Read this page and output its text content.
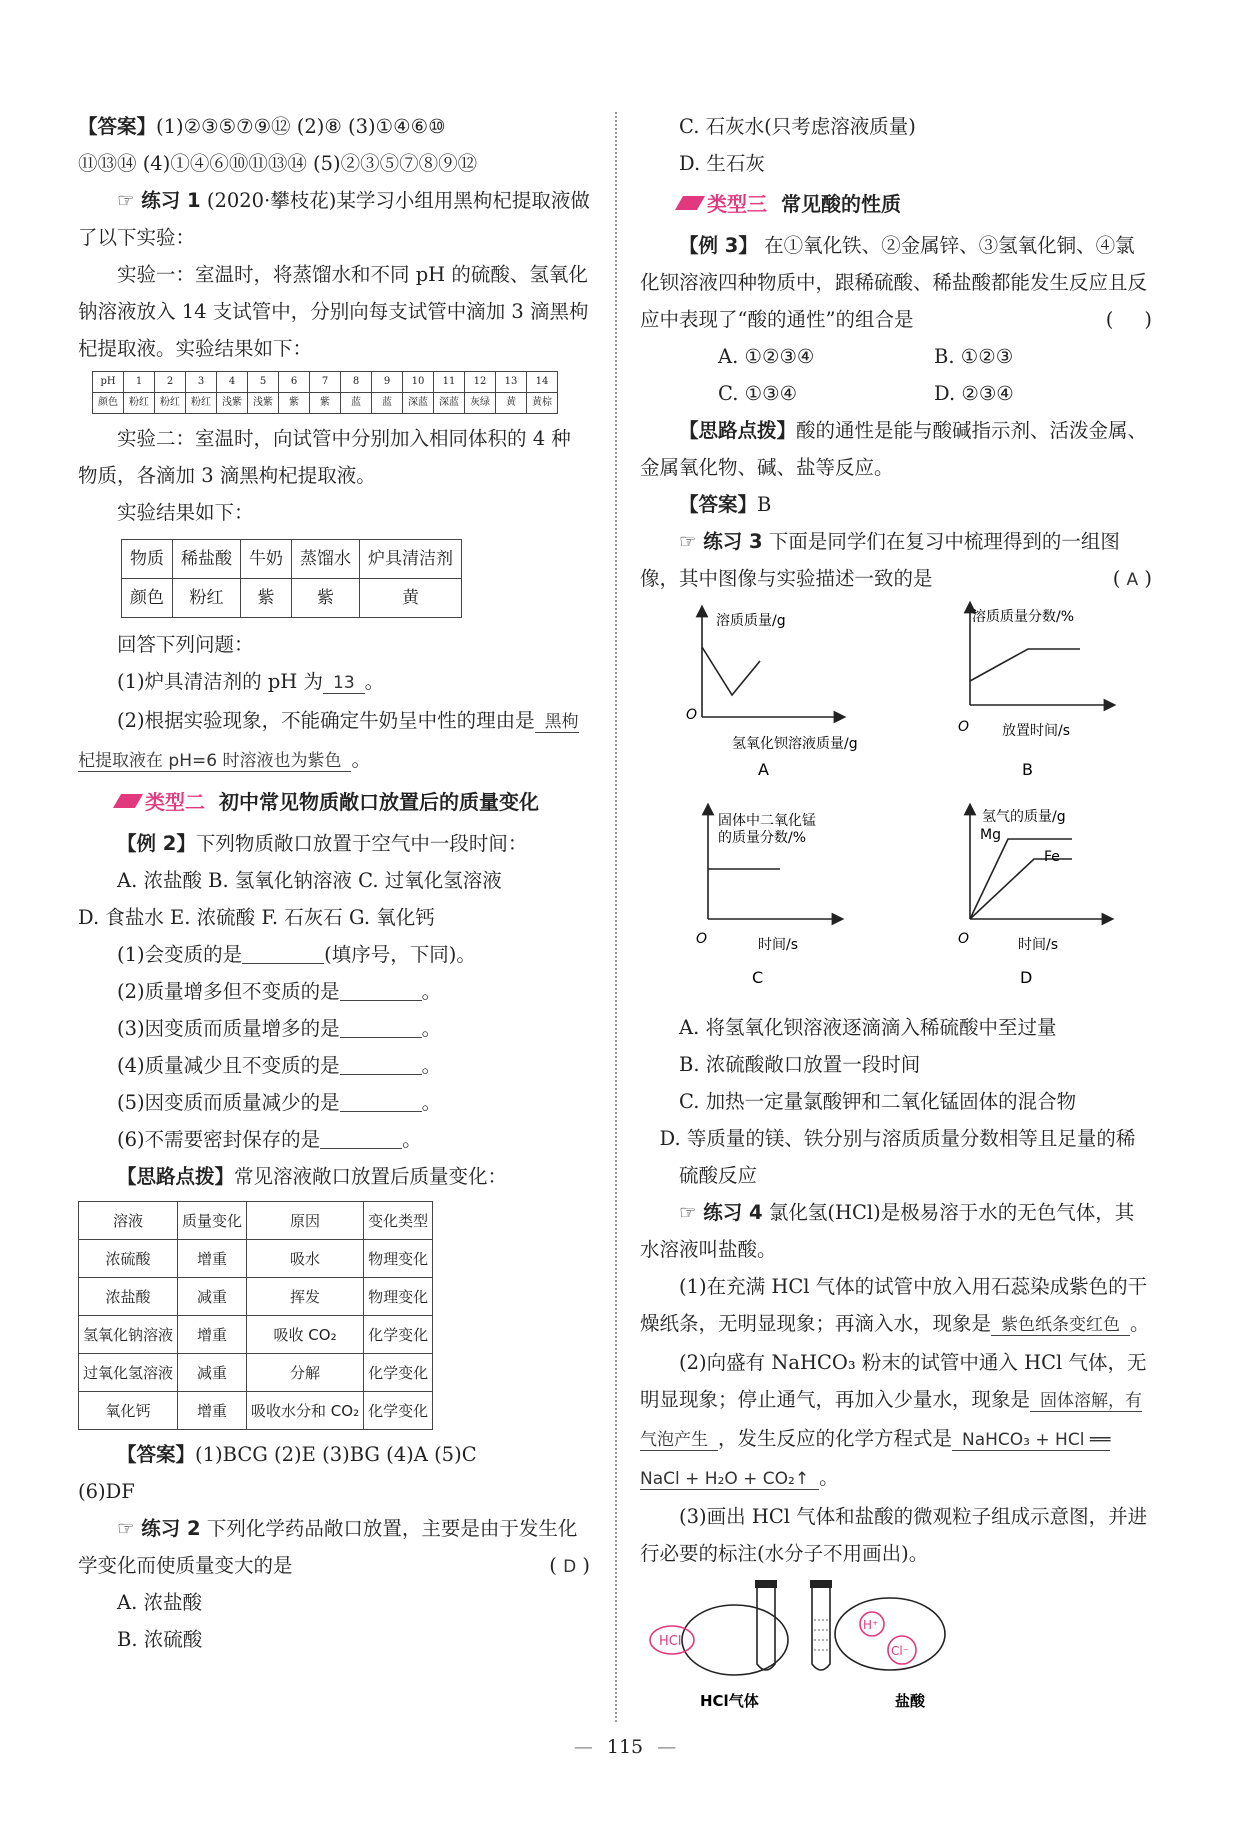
【答案】(1)②③⑤⑦⑨⑫ (2)⑧ (3)①④⑥⑩

⑪⑬⑭ (4)①④⑥⑩⑪⑬⑭ (5)②③⑤⑦⑧⑨⑫

☞ 练习 1 (2020·攀枝花)某学习小组用黑枸杞提取液做了以下实验：

实验一：室温时，将蒸馏水和不同 pH 的硫酸、氢氧化钠溶液放入 14 支试管中，分别向每支试管中滴加 3 滴黑枸杞提取液。实验结果如下：

pH	1	2	3	4	5	6	7	8	9	10	11	12	13	14
颜色	粉红	粉红	粉红	浅紫	浅紫	紫	紫	蓝	蓝	深蓝	深蓝	灰绿	黄	黄棕

实验二：室温时，向试管中分别加入相同体积的 4 种物质，各滴加 3 滴黑枸杞提取液。

实验结果如下：

物质	稀盐酸	牛奶	蒸馏水	炉具清洁剂
颜色	粉红	紫	紫	黄

回答下列问题：

(1)炉具清洁剂的 pH 为 13 。

(2)根据实验现象，不能确定牛奶呈中性的理由是 黑枸杞提取液在 pH=6 时溶液也为紫色 。

类型二 初中常见物质敞口放置后的质量变化

【例 2】下列物质敞口放置于空气中一段时间：

A. 浓盐酸 B. 氢氧化钠溶液 C. 过氧化氢溶液

D. 食盐水 E. 浓硫酸 F. 石灰石 G. 氧化钙

(1)会变质的是	(填序号，下同)。

(2)质量增多但不变质的是	。

(3)因变质而质量增多的是	。

(4)质量减少且不变质的是	。

(5)因变质而质量减少的是	。

(6)不需要密封保存的是	。

【思路点拨】常见溶液敞口放置后质量变化：

溶液	质量变化	原因	变化类型
浓硫酸	增重	吸水	物理变化
浓盐酸	减重	挥发	物理变化
氢氧化钠溶液	增重	吸收 CO₂	化学变化
过氧化氢溶液	减重	分解	化学变化
氧化钙	增重	吸收水分和 CO₂	化学变化

【答案】(1)BCG (2)E (3)BG (4)A (5)C

(6)DF

☞ 练习 2 下列化学药品敞口放置，主要是由于发生化学变化而使质量变大的是	( D )

A. 浓盐酸

B. 浓硫酸

C. 石灰水(只考虑溶液质量)

D. 生石灰

类型三 常见酸的性质

【例 3】 在①氧化铁、②金属锌、③氢氧化铜、④氯化钡溶液四种物质中，跟稀硫酸、稀盐酸都能发生反应且反应中表现了“酸的通性”的组合是	(     )

A. ①②③④	B. ①②③

C. ①③④	D. ②③④

【思路点拨】酸的通性是能与酸碱指示剂、活泼金属、金属氧化物、碱、盐等反应。

【答案】B

☞ 练习 3 下面是同学们在复习中梳理得到的一组图像，其中图像与实验描述一致的是	( A )

溶质质量/g
O
氢氧化钡溶液质量/g
A
溶质质量分数/%
O 放置时间/s
B
固体中二氧化锰
的质量分数/%
O	时间/s
C
氢气的质量/g
Mg
Fe
O	时间/s
D

A. 将氢氧化钡溶液逐滴滴入稀硫酸中至过量

B. 浓硫酸敞口放置一段时间

C. 加热一定量氯酸钾和二氧化锰固体的混合物

D. 等质量的镁、铁分别与溶质质量分数相等且足量的稀硫酸反应

☞ 练习 4 氯化氢(HCl)是极易溶于水的无色气体，其水溶液叫盐酸。

(1)在充满 HCl 气体的试管中放入用石蕊染成紫色的干燥纸条，无明显现象；再滴入水，现象是 紫色纸条变红色 。

(2)向盛有 NaHCO₃ 粉末的试管中通入 HCl 气体，无明显现象；停止通气，再加入少量水，现象是 固体溶解，有气泡产生 ，发生反应的化学方程式是 NaHCO₃ + HCl ══ NaCl + H₂O + CO₂↑ 。

(3)画出 HCl 气体和盐酸的微观粒子组成示意图，并进行必要的标注(水分子不用画出)。

HCl
H⁺
Cl⁻
HCl气体	盐酸
— 115 —
